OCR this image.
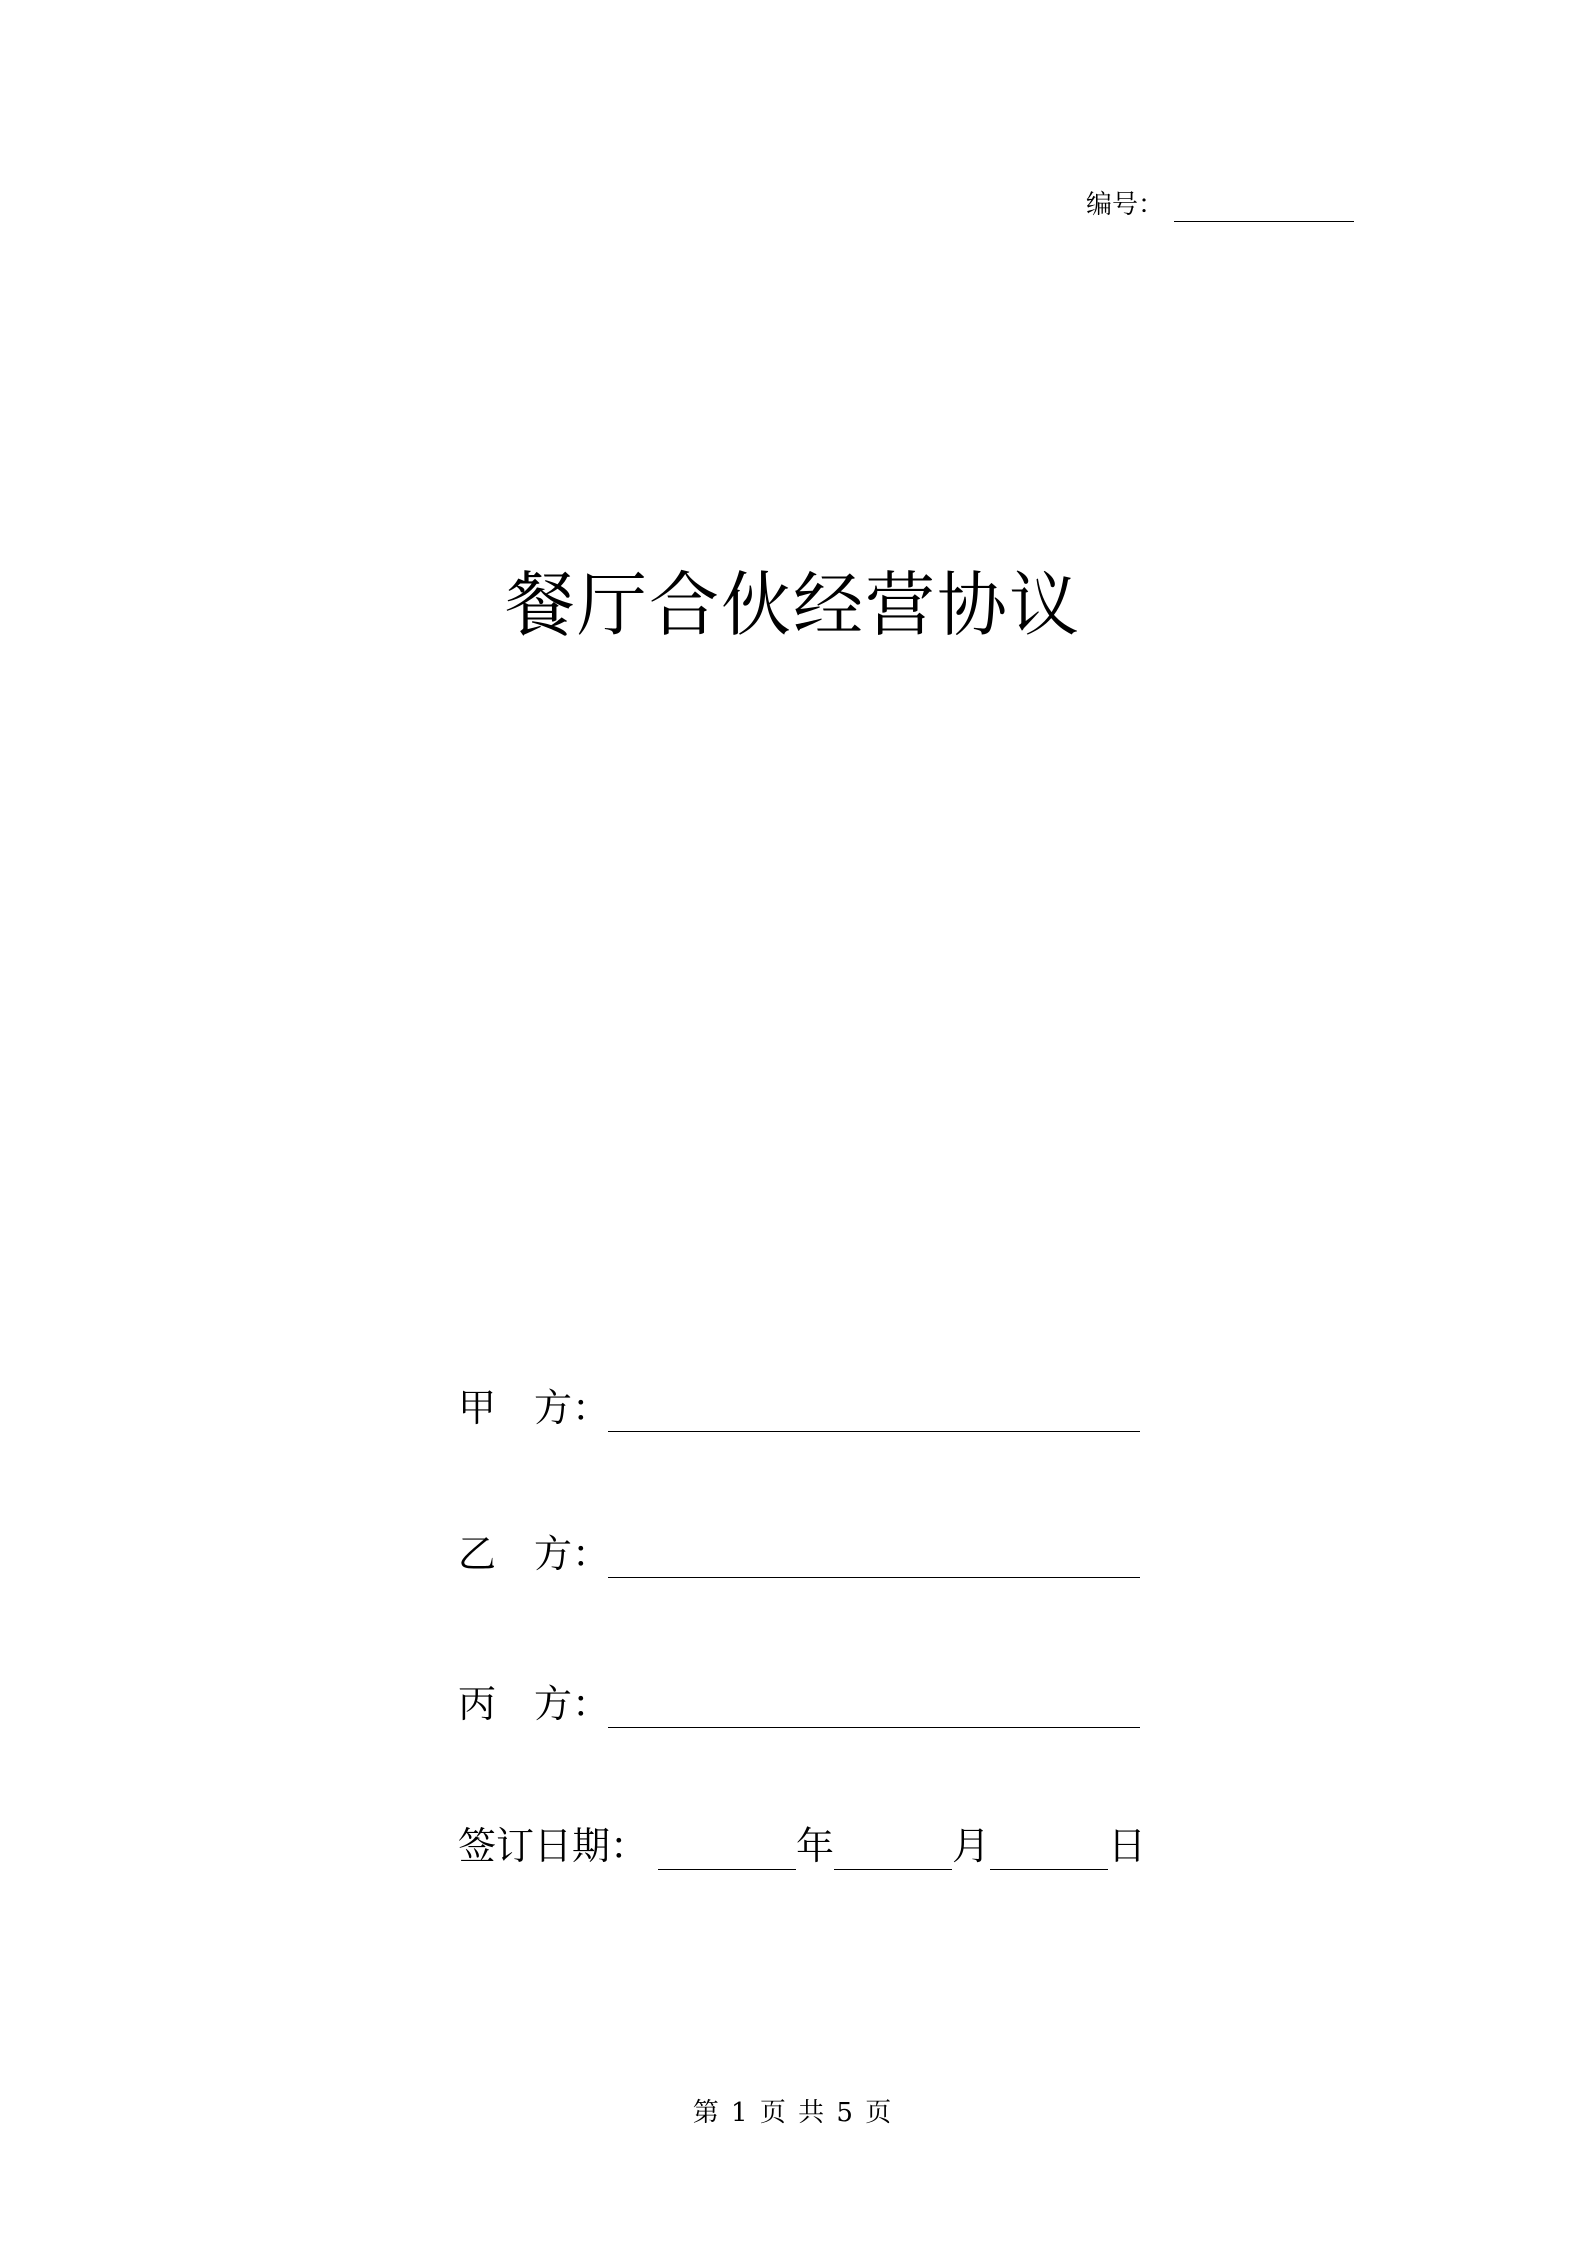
编号：
餐厅合伙经营协议
甲　方：
乙　方：
丙　方：
签订日期：	年	月	日
第 1 页 共 5 页
